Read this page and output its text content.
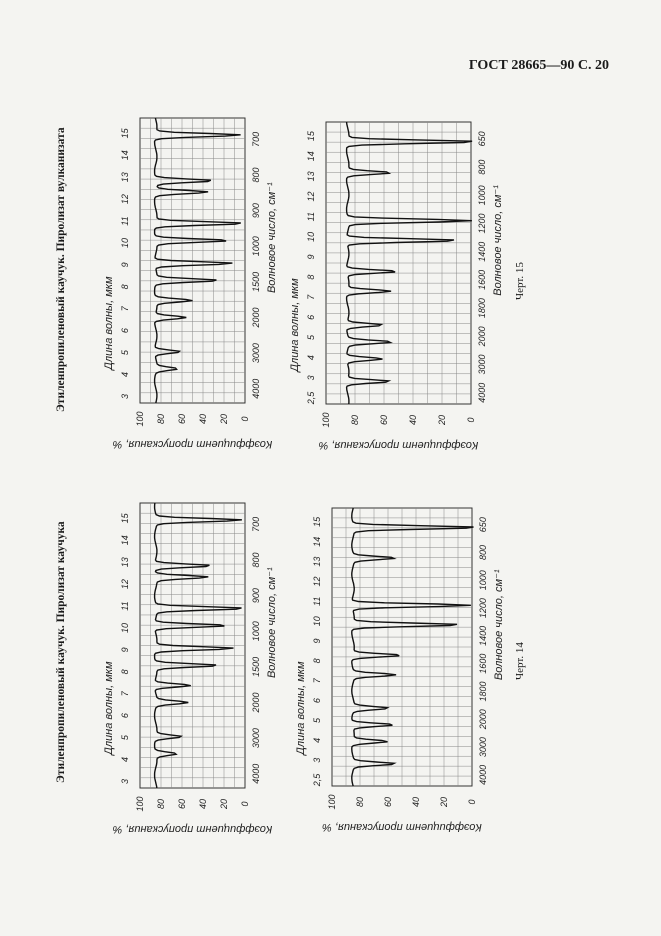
ГОСТ 28665—90 С. 20
Этиленпропиленовый каучук. Пиролизат вулканизата
Этиленпропиленовый каучук. Пиролизат каучука
Черт. 15
Черт. 14
3
4
5
6
7
8
9
10
11
12
13
14
15
4000
3000
2000
1500
1000
900
800
700
100 80 60 40 20 0
Длина волны, мкм
Волновое число, см⁻¹
Коэффициент пропускания, %
2,5
3
4
5
6
7
8
9
10
11
12
13
14
15
4000
3000
2000
1800
1600
1400
1200
1000
800
650
100 80 60 40 20 0
Длина волны, мкм
Волновое число, см⁻¹
Коэффициент пропускания, %
3
4
5
6
7
8
9
10
11
12
13
14
15
4000
3000
2000
1500
1000
900
800
700
100 80 60 40 20 0
Длина волны, мкм
Волновое число, см⁻¹
Коэффициент пропускания, %
2,5
3
4
5
6
7
8
9
10
11
12
13
14
15
4000
3000
2000
1800
1600
1400
1200
1000
800
650
100 80 60 40 20 0
Длина волны, мкм
Волновое число, см⁻¹
Коэффициент пропускания, %
